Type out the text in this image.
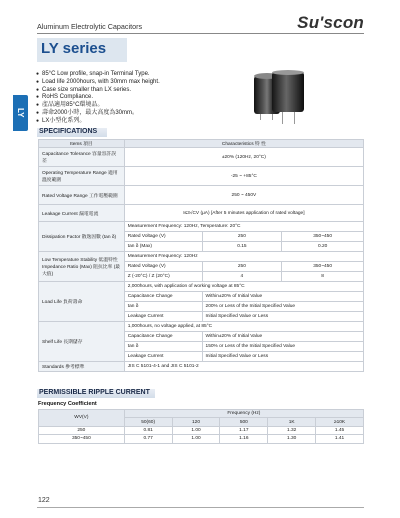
Aluminum Electrolytic Capacitors	Su'scon
LY series
LY
● 85°C Low profile, snap-in Terminal Type.
● Load life 2000hours, with 30mm max height.
● Case size smaller than LX series.
● RoHS Compliance.
● 產品適用85°C環境品。
● 壽命2000小時，最大高度為30mm。
● LX小型化系列。
SPECIFICATIONS
Items 項目	Characteristics 特 性		
Capacitance Tolerance 容量容許誤差	±20% (120Hz, 20°C)		
Operating Temperature Range 適用溫度範圍	-25 ~ +85°C		
Rated Voltage Range 工作電壓範圍	250 ~ 450V		
Leakage Current 漏電電流	I≤3√CV (μA) [After 5 minutes application of rated voltage]		
Dissipation Factor 散逸因數 (tan δ)	Measurement Frequency: 120Hz, Temperature: 20°C		
	Rated Voltage (V)	250	350~450
	tan δ (Max)	0.15	0.20
Low Temperature Stability 低溫特性 Impedance Ratio (Max) 阻抗比率 (最大值)	Measurement Frequency: 120Hz		
	Rated Voltage (V)	250	350~450
	Z (-20°C) / Z (20°C)	4	8
Load Life 負荷壽命	2,000hours, with application of working voltage at 85°C		
	Capacitance Change	Within±20% of Initial Value	
	tan δ	200% or Less of the Initial Specified Value	
	Leakage Current	Initial Specified Value or Less	
Shelf Life 長期儲存	1,000hours, no voltage applied, at 85°C		
	Capacitance Change	Within±20% of Initial Value	
	tan δ	150% or Less of the Initial Specified Value	
	Leakage Current	Initial Specified Value or Less	
Standards 參考標準	JIS C 5101-4-1 and JIS C 5101-2		
PERMISSIBLE RIPPLE CURRENT
Frequency Coefficient
WV(V)	Frequency (Hz)				
	50(60)	120	500	1K	≥10K
250	0.81	1.00	1.17	1.32	1.45
350~450	0.77	1.00	1.16	1.30	1.41
122
